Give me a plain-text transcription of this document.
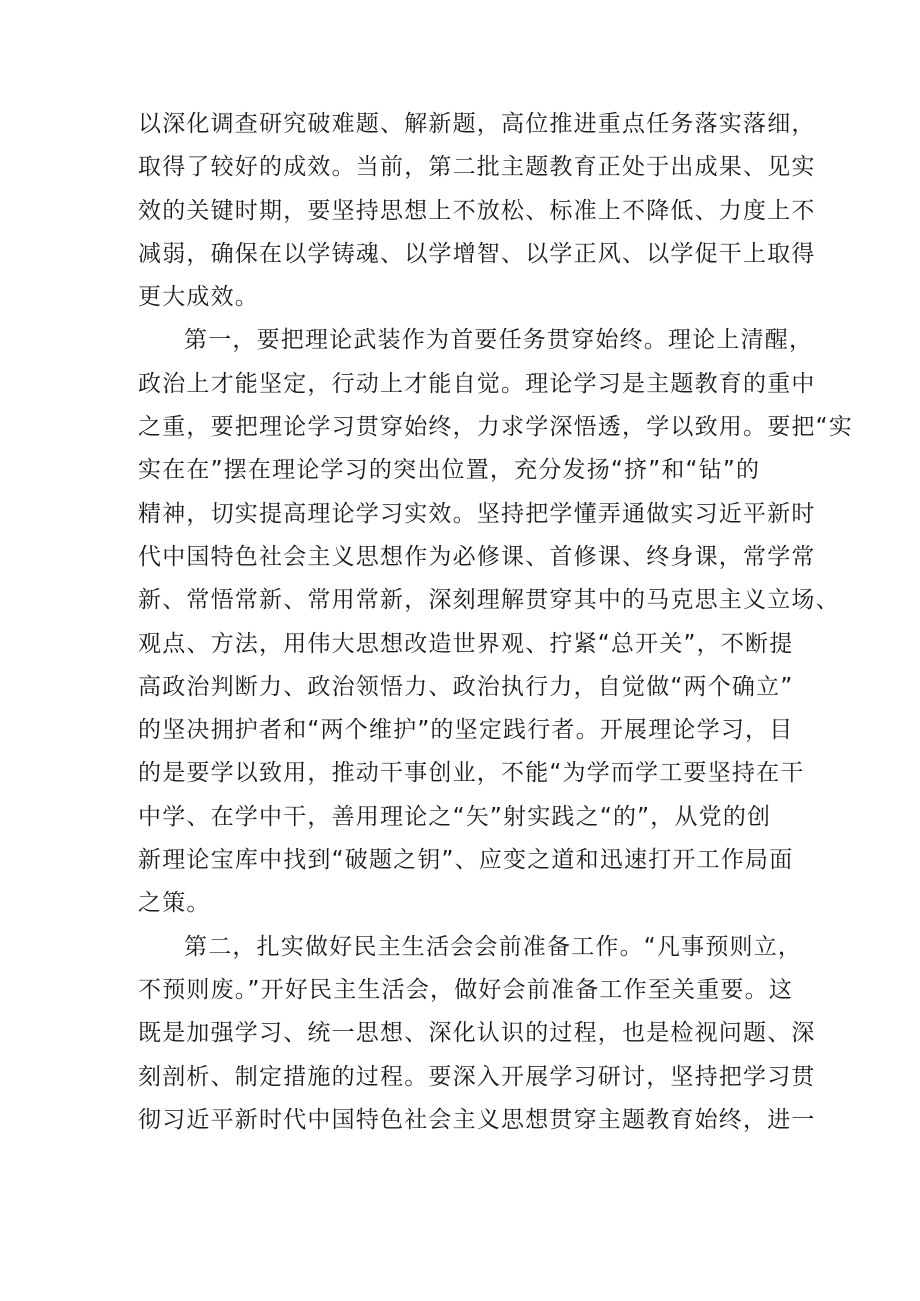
以深化调查研究破难题、解新题，高位推进重点任务落实落细，
取得了较好的成效。当前，第二批主题教育正处于出成果、见实
效的关键时期，要坚持思想上不放松、标准上不降低、力度上不
减弱，确保在以学铸魂、以学增智、以学正风、以学促干上取得
更大成效。
第一，要把理论武装作为首要任务贯穿始终。理论上清醒，
政治上才能坚定，行动上才能自觉。理论学习是主题教育的重中
之重，要把理论学习贯穿始终，力求学深悟透，学以致用。要把“实
实在在”摆在理论学习的突出位置，充分发扬“挤”和“钻”的
精神，切实提高理论学习实效。坚持把学懂弄通做实习近平新时
代中国特色社会主义思想作为必修课、首修课、终身课，常学常
新、常悟常新、常用常新，深刻理解贯穿其中的马克思主义立场、
观点、方法，用伟大思想改造世界观、拧紧“总开关”，不断提
高政治判断力、政治领悟力、政治执行力，自觉做“两个确立”
的坚决拥护者和“两个维护”的坚定践行者。开展理论学习，目
的是要学以致用，推动干事创业，不能“为学而学工要坚持在干
中学、在学中干，善用理论之“矢”射实践之“的”，从党的创
新理论宝库中找到“破题之钥”、应变之道和迅速打开工作局面
之策。
第二，扎实做好民主生活会会前准备工作。“凡事预则立，
不预则废。”开好民主生活会，做好会前准备工作至关重要。这
既是加强学习、统一思想、深化认识的过程，也是检视问题、深
刻剖析、制定措施的过程。要深入开展学习研讨，坚持把学习贯
彻习近平新时代中国特色社会主义思想贯穿主题教育始终，进一
